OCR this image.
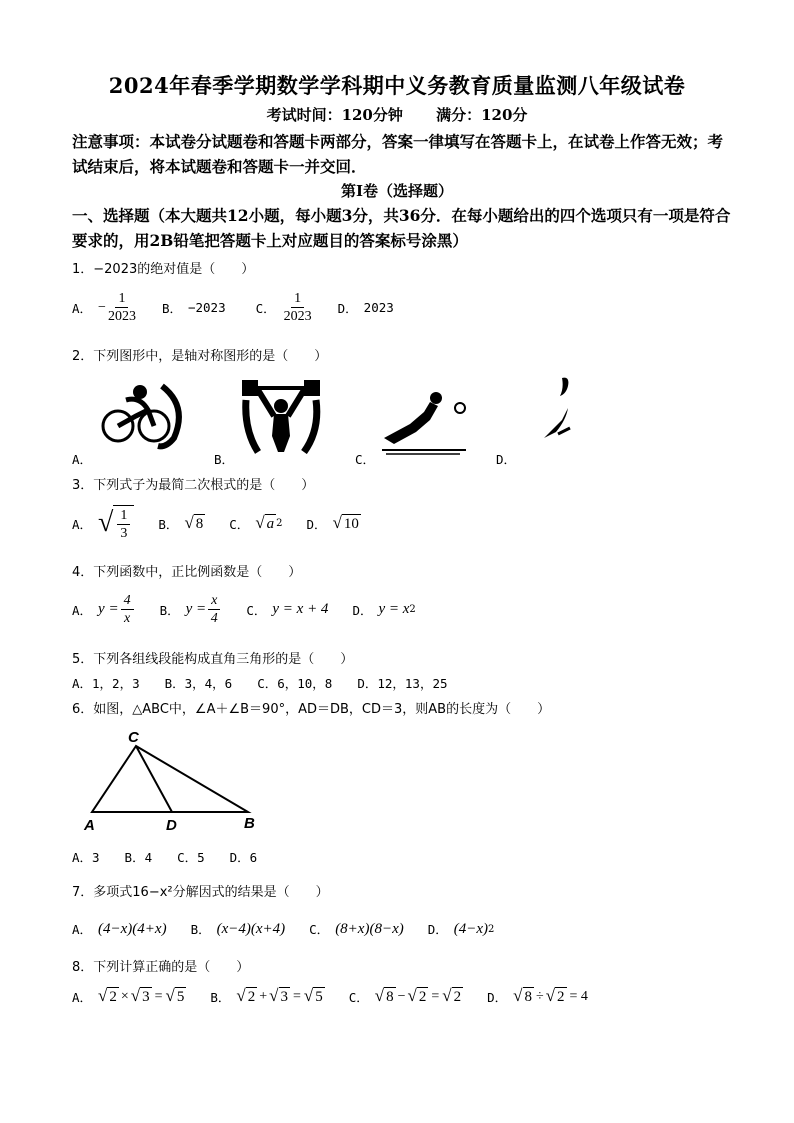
2024年春季学期数学学科期中义务教育质量监测八年级试卷
考试时间：120分钟 满分：120分
注意事项：本试卷分试题卷和答题卡两部分，答案一律填写在答题卡上，在试卷上作答无效；考试结束后，将本试题卷和答题卡一并交回．
第Ⅰ卷（选择题）
一、选择题（本大题共12小题，每小题3分，共36分．在每小题给出的四个选项只有一项是符合要求的，用2B铅笔把答题卡上对应题目的答案标号涂黑）
1．−2023的绝对值是（　　）
A． − $\frac{1}{2023}$ B． −2023 C． $\frac{1}{2023}$ D． 2023
2．下列图形中，是轴对称图形的是（　　）
A．	B．	C．	D．
3．下列式子为最简二次根式的是（　　）
A． √ $\frac{1}{3}$ B． √ 8 C． √ a 2 D． √ 10
4．下列函数中，正比例函数是（　　）
A． $y = \frac{4}{x}$ B． $y = \frac{x}{4}$ C． y = x + 4 D． y = x 2
5．下列各组线段能构成直角三角形的是（　　）
A．1，2，3　　B．3，4，6　　C．6，10，8　　D．12，13，25
6．如图，△ABC中，∠A＋∠B＝90°，AD＝DB，CD＝3，则AB的长度为（　　）
C
A	D	B
A．3　　B．4　　C．5　　D．6
7．多项式16−x²分解因式的结果是（　　）
A． (4−x)(4+x) B． (x−4)(x+4) C． (8+x)(8−x) D． (4−x) 2
8．下列计算正确的是（　　）
A． √ 2 × √ 3 = √ 5 B． √ 2 + √ 3 = √ 5 C． √ 8 − √ 2 = √ 2 D． √ 8 ÷ √ 2 = 4
